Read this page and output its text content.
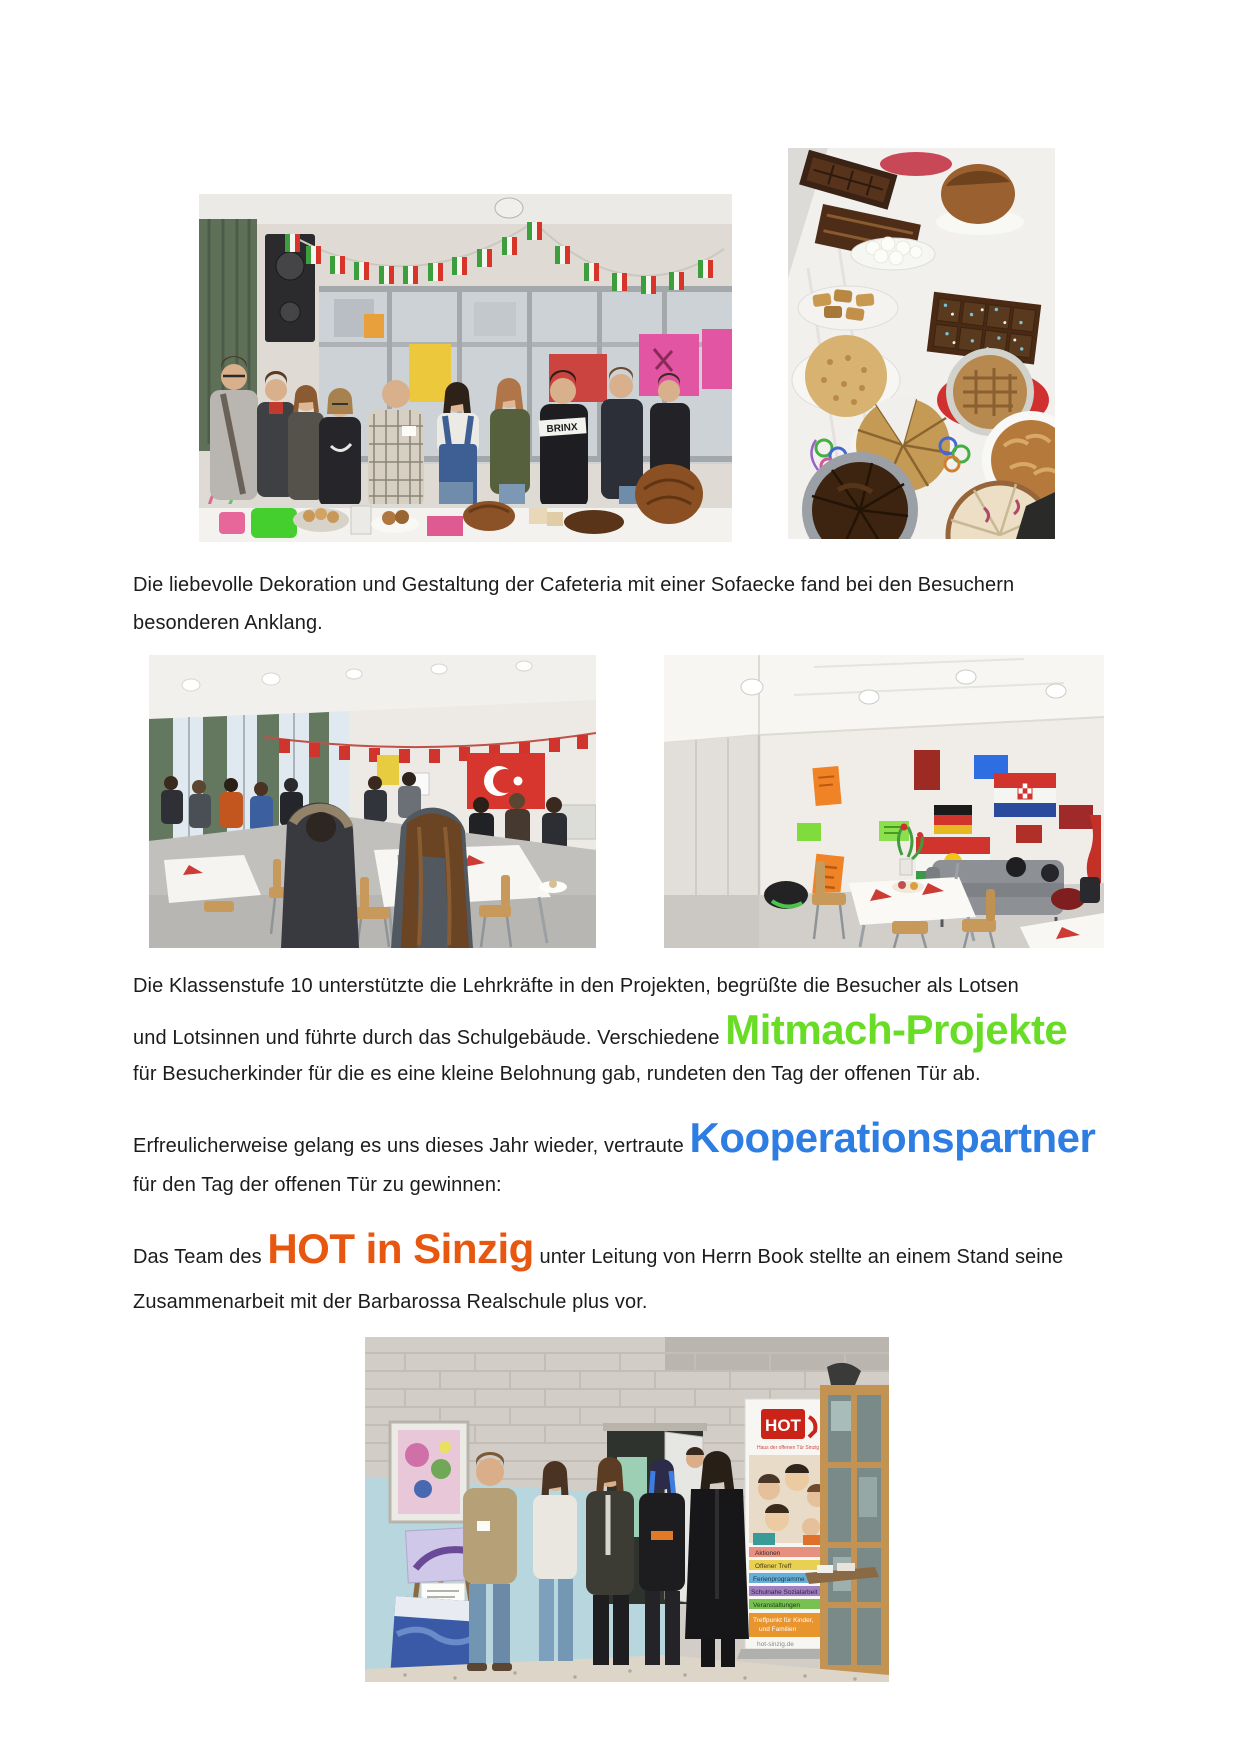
BRINX
Die liebevolle Dekoration und Gestaltung der Cafeteria mit einer Sofaecke fand bei den Besuchern
besonderen Anklang.
Die Klassenstufe 10 unterstützte die Lehrkräfte in den Projekten, begrüßte die Besucher als Lotsen
und Lotsinnen und führte durch das Schulgebäude. Verschiedene Mitmach-Projekte
für Besucherkinder für die es eine kleine Belohnung gab, rundeten den Tag der offenen Tür ab.
Erfreulicherweise gelang es uns dieses Jahr wieder, vertraute Kooperationspartner
für den Tag der offenen Tür zu gewinnen:
Das Team des HOT in Sinzig unter Leitung von Herrn Book stellte an einem Stand seine
Zusammenarbeit mit der Barbarossa Realschule plus vor.
HOT
Haus der offenen Tür Sinzig
Aktionen
Offener Treff
Ferienprogramme
Schulnahe Sozialarbeit
Veranstaltungen
Treffpunkt für Kinder,
und Familien
hot-sinzig.de
